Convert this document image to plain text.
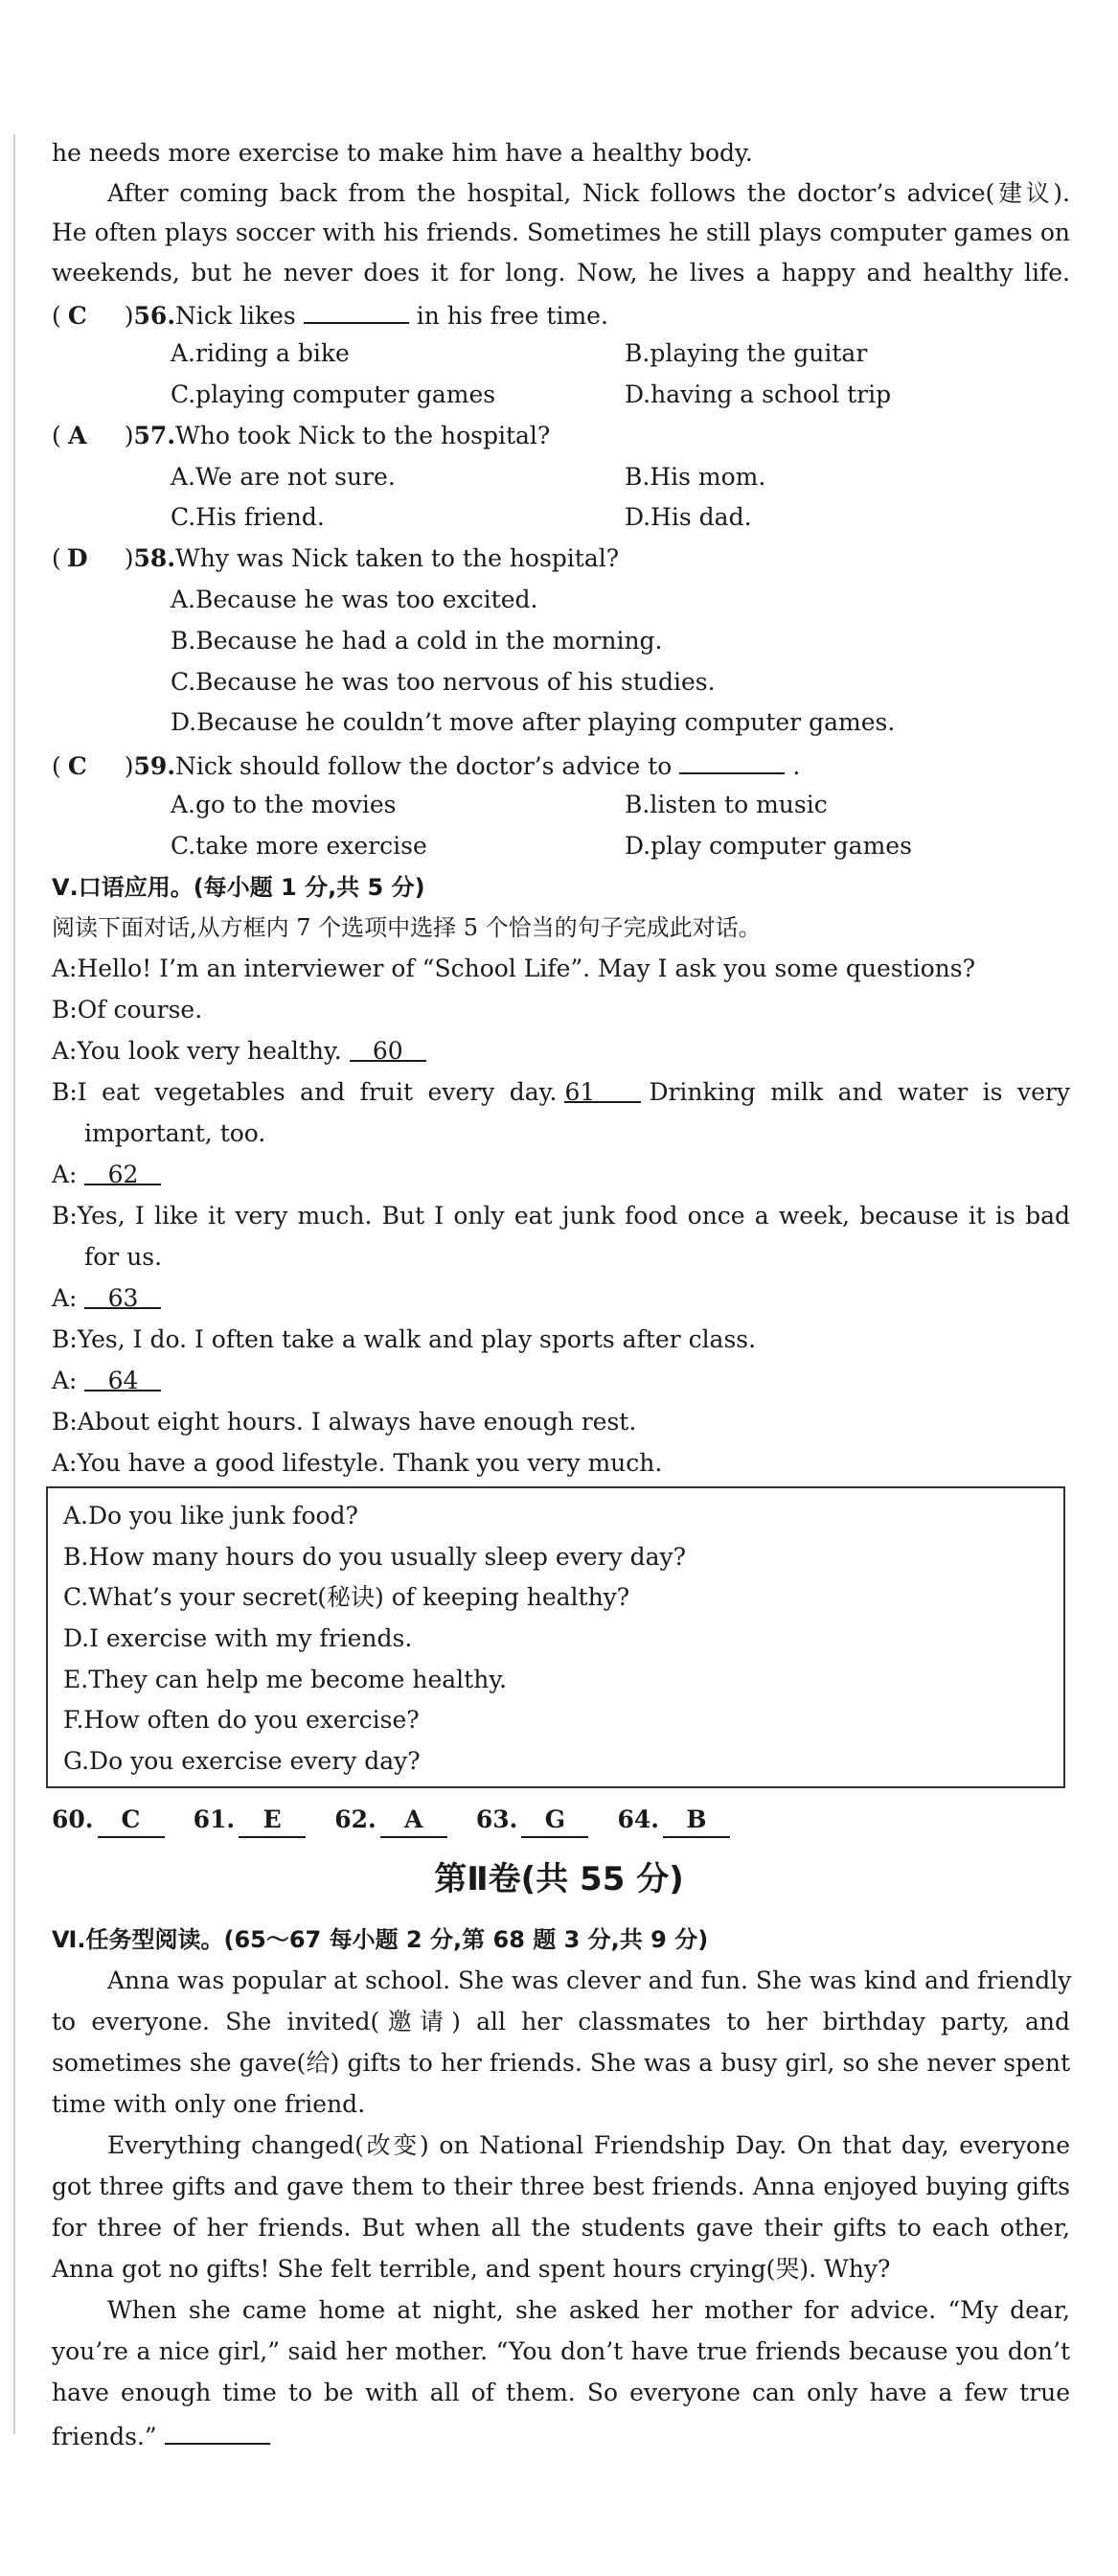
he needs more exercise to make him have a healthy body.
After coming back from the hospital, Nick follows the doctor’s advice(建议).
He often plays soccer with his friends. Sometimes he still plays computer games on
weekends, but he never does it for long. Now, he lives a happy and healthy life.
( C )56.Nick likes	in his free time.
A.riding a bike	B.playing the guitar
C.playing computer games	D.having a school trip
( A )57.Who took Nick to the hospital?
A.We are not sure.	B.His mom.
C.His friend.	D.His dad.
( D )58.Why was Nick taken to the hospital?
A.Because he was too excited.
B.Because he had a cold in the morning.
C.Because he was too nervous of his studies.
D.Because he couldn’t move after playing computer games.
( C )59.Nick should follow the doctor’s advice to	.
A.go to the movies	B.listen to music
C.take more exercise	D.play computer games
Ⅴ.口语应用。(每小题 1 分,共 5 分)
阅读下面对话,从方框内 7 个选项中选择 5 个恰当的句子完成此对话。
A:Hello! I’m an interviewer of “School Life”. May I ask you some questions?
B:Of course.
A:You look very healthy. 60
B:I eat vegetables and fruit every day. 61 Drinking milk and water is very
important, too.
A: 62
B:Yes, I like it very much. But I only eat junk food once a week, because it is bad
for us.
A: 63
B:Yes, I do. I often take a walk and play sports after class.
A: 64
B:About eight hours. I always have enough rest.
A:You have a good lifestyle. Thank you very much.
A.Do you like junk food?
B.How many hours do you usually sleep every day?
C.What’s your secret(秘诀) of keeping healthy?
D.I exercise with my friends.
E.They can help me become healthy.
F.How often do you exercise?
G.Do you exercise every day?
60. C 61. E 62. A 63. G 64. B
第Ⅱ卷(共 55 分)
Ⅵ.任务型阅读。(65～67 每小题 2 分,第 68 题 3 分,共 9 分)
Anna was popular at school. She was clever and fun. She was kind and friendly
to everyone. She invited(邀请) all her classmates to her birthday party, and
sometimes she gave(给) gifts to her friends. She was a busy girl, so she never spent
time with only one friend.
Everything changed(改变) on National Friendship Day. On that day, everyone
got three gifts and gave them to their three best friends. Anna enjoyed buying gifts
for three of her friends. But when all the students gave their gifts to each other,
Anna got no gifts! She felt terrible, and spent hours crying(哭). Why?
When she came home at night, she asked her mother for advice. “My dear,
you’re a nice girl,” said her mother. “You don’t have true friends because you don’t
have enough time to be with all of them. So everyone can only have a few true
friends.”
